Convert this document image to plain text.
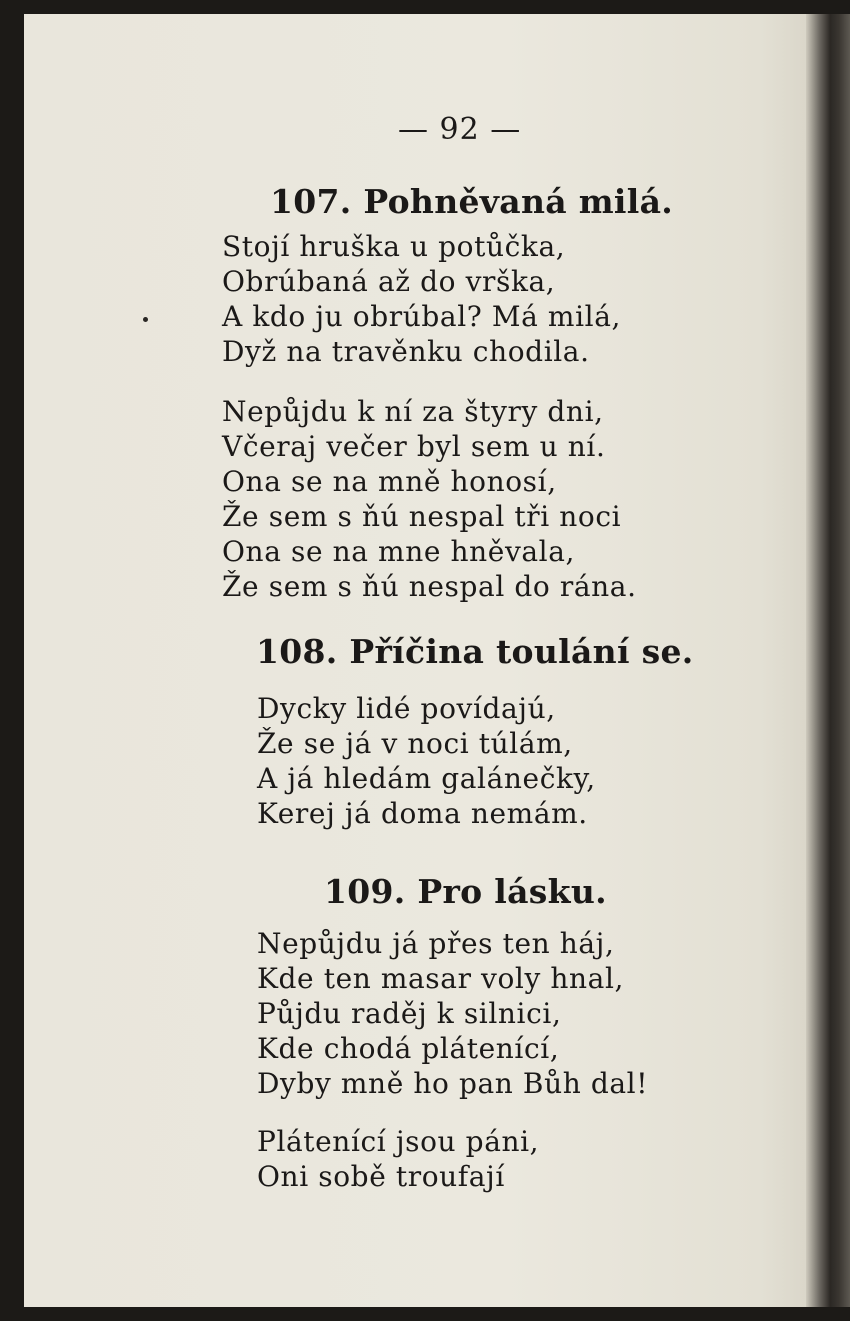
— 92 —

107. Pohněvaná milá.

Stojí hruška u potůčka,
Obrúbaná až do vrška,
A kdo ju obrúbal? Má milá,
Dyž na travěnku chodila.
Nepůjdu k ní za štyry dni,
Včeraj večer byl sem u ní.
Ona se na mně honosí,
Že sem s ňú nespal tři noci
Ona se na mne hněvala,
Že sem s ňú nespal do rána.

108. Příčina toulání se.

Dycky lidé povídajú,
Že se já v noci túlám,
A já hledám galánečky,
Kerej já doma nemám.

109. Pro lásku.

Nepůjdu já přes ten háj,
Kde ten masar voly hnal,
Půjdu raděj k silnici,
Kde chodá plátenící,
Dyby mně ho pan Bůh dal!
Plátenící jsou páni,
Oni sobě troufají
